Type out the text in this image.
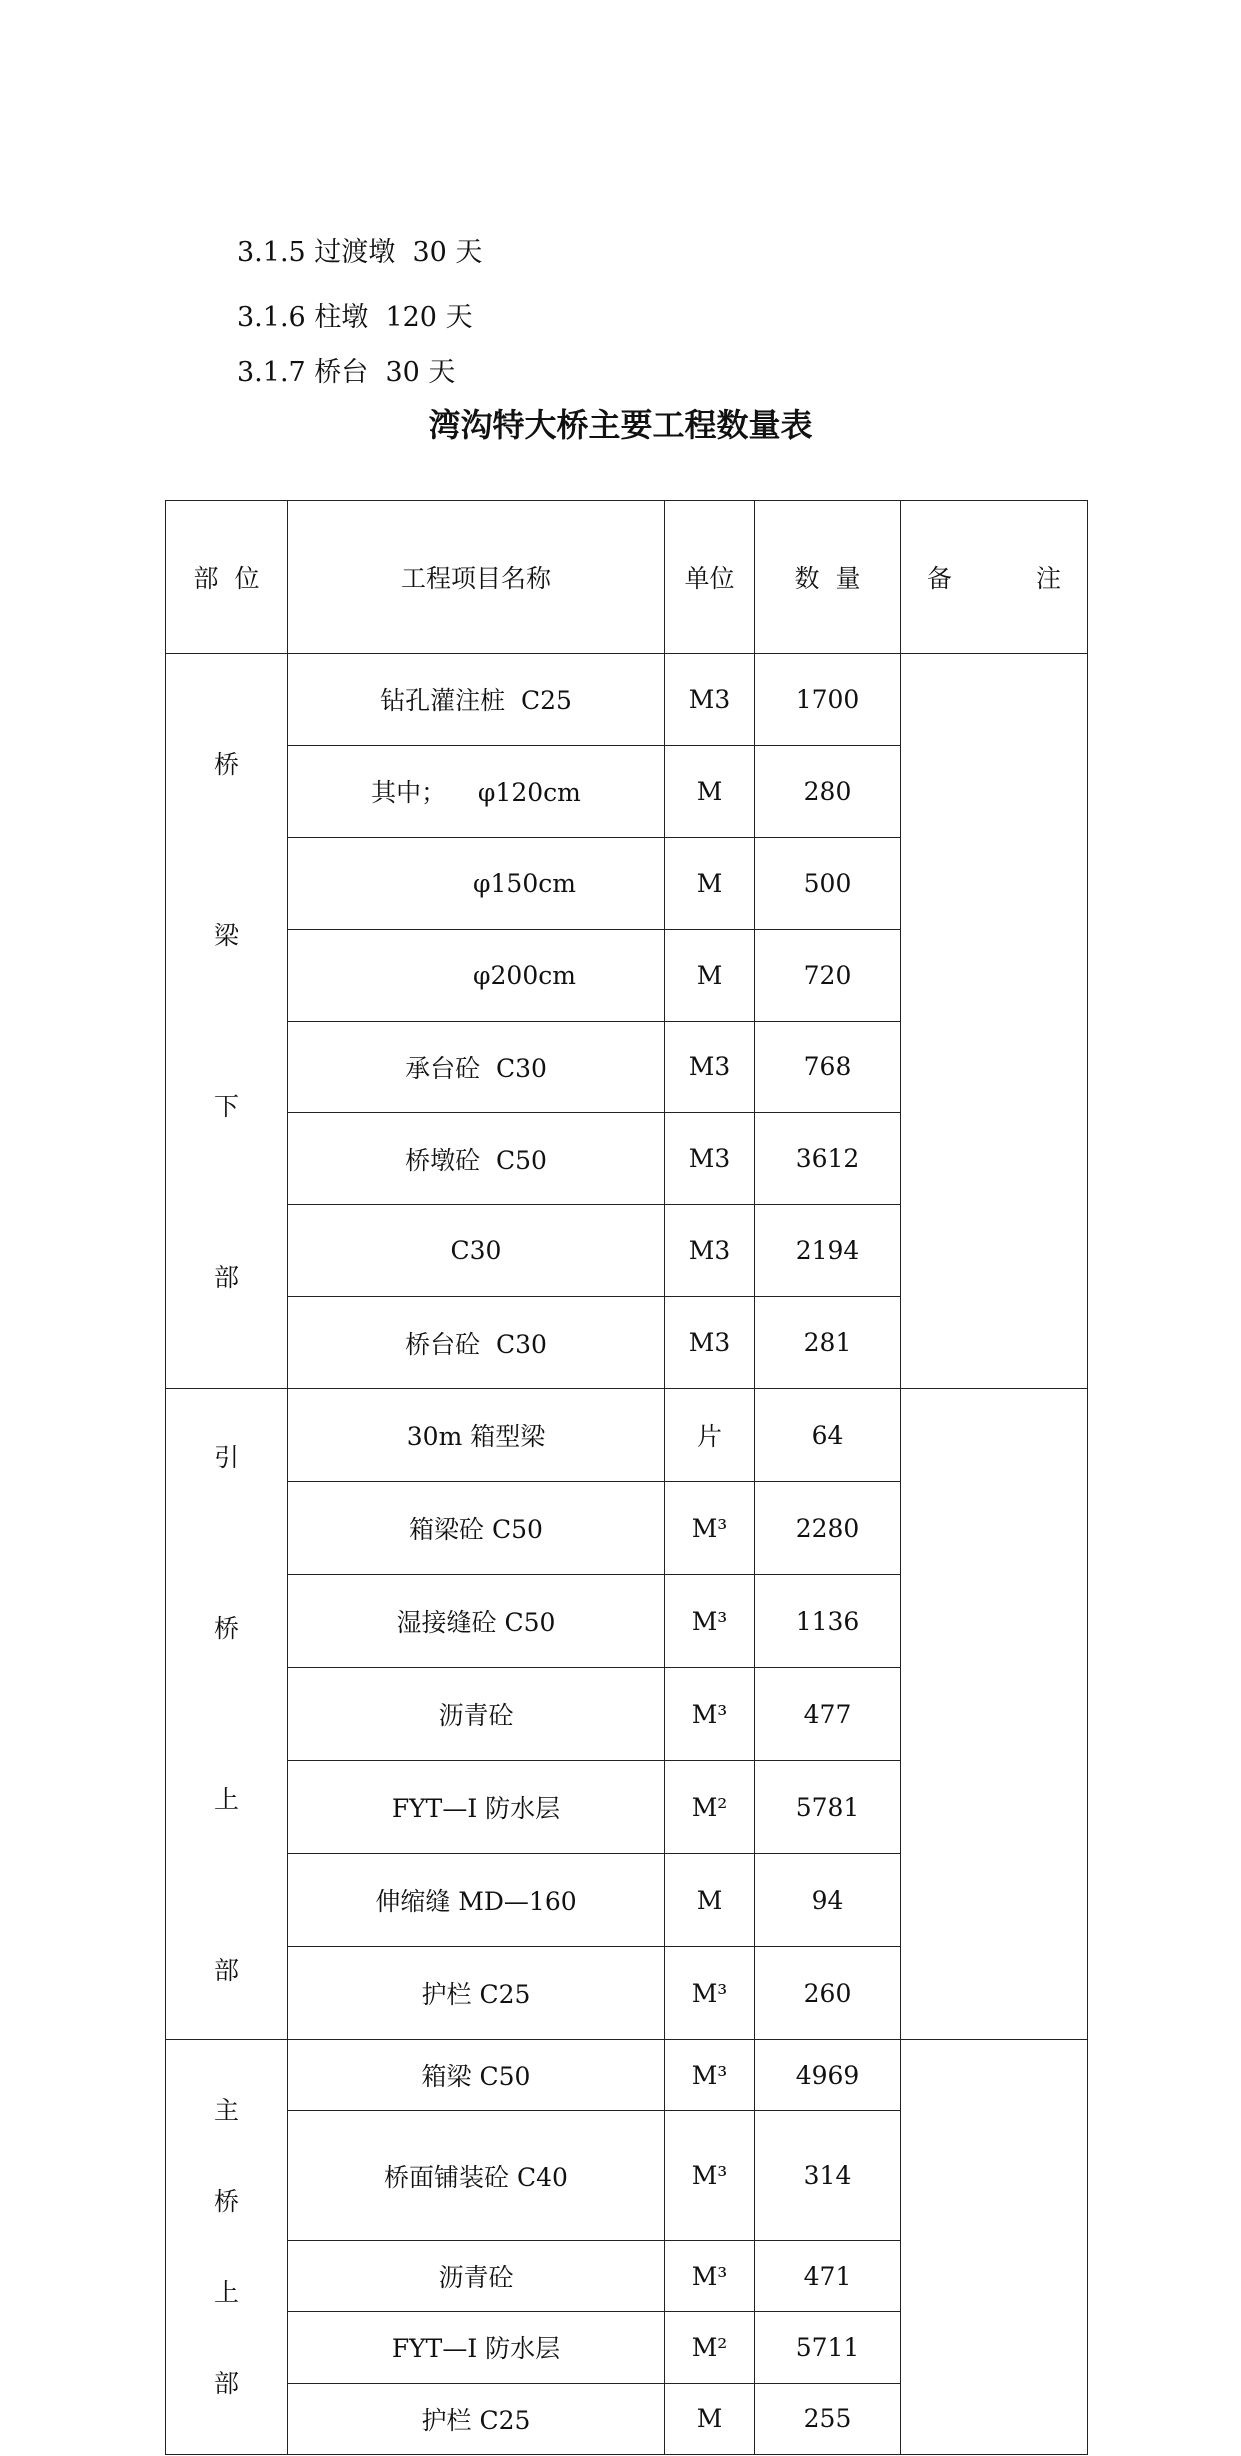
3.1.5 过渡墩  30 天
3.1.6 柱墩  120 天
3.1.7 桥台  30 天
湾沟特大桥主要工程数量表
部  位	工程项目名称	单位	数  量	备 注

桥

梁

下

部	钻孔灌注桩  C25	M3	1700	
	其中；    φ120cm	M	280	
	φ150cm	M	500	
	φ200cm	M	720	
	承台砼  C30	M3	768	
	桥墩砼  C50	M3	3612	
	C30	M3	2194	
	桥台砼  C30	M3	281	

引

桥

上

部	30m 箱型梁	片	64	
	箱梁砼 C50	M³	2280	
	湿接缝砼 C50	M³	1136	
	沥青砼	M³	477	
	FYT—I 防水层	M²	5781	
	伸缩缝 MD—160	M	94	
	护栏 C25	M³	260	

主

桥

上

部	箱梁 C50	M³	4969	
	桥面铺装砼 C40	M³	314	
	沥青砼	M³	471	
	FYT—I 防水层	M²	5711	
	护栏 C25	M	255	
